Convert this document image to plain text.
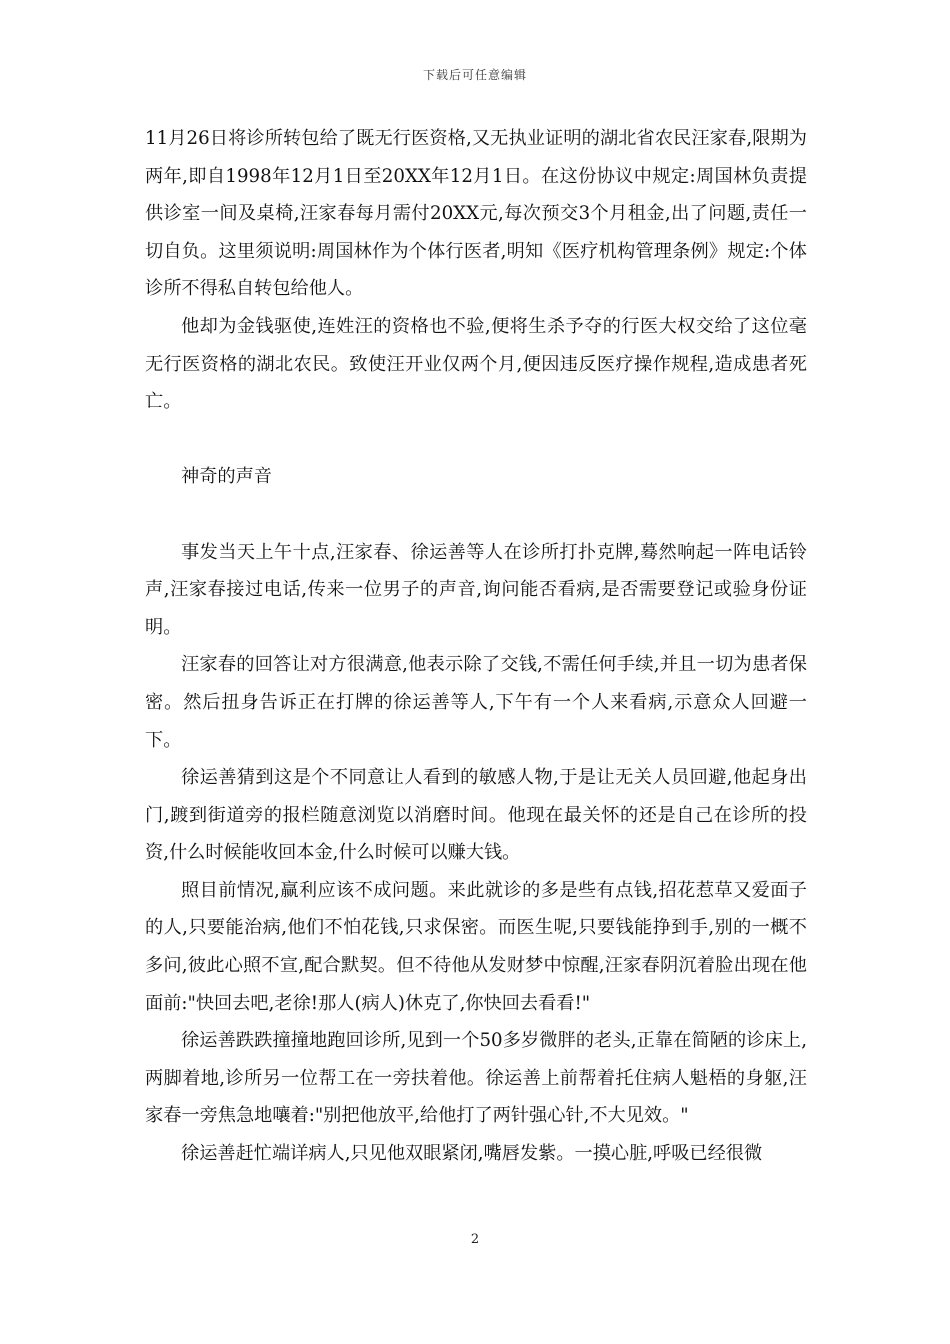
下载后可任意编辑

11月26日将诊所转包给了既无行医资格,又无执业证明的湖北省农民汪家春,限期为两年,即自1998年12月1日至20XX年12月1日。在这份协议中规定:周国林负责提供诊室一间及桌椅,汪家春每月需付20XX元,每次预交3个月租金,出了问题,责任一切自负。这里须说明:周国林作为个体行医者,明知《医疗机构管理条例》规定:个体诊所不得私自转包给他人。

他却为金钱驱使,连姓汪的资格也不验,便将生杀予夺的行医大权交给了这位毫无行医资格的湖北农民。致使汪开业仅两个月,便因违反医疗操作规程,造成患者死亡。

神奇的声音

事发当天上午十点,汪家春、徐运善等人在诊所打扑克牌,蓦然响起一阵电话铃声,汪家春接过电话,传来一位男子的声音,询问能否看病,是否需要登记或验身份证明。

汪家春的回答让对方很满意,他表示除了交钱,不需任何手续,并且一切为患者保密。然后扭身告诉正在打牌的徐运善等人,下午有一个人来看病,示意众人回避一下。

徐运善猜到这是个不同意让人看到的敏感人物,于是让无关人员回避,他起身出门,踱到街道旁的报栏随意浏览以消磨时间。他现在最关怀的还是自己在诊所的投资,什么时候能收回本金,什么时候可以赚大钱。

照目前情况,赢利应该不成问题。来此就诊的多是些有点钱,招花惹草又爱面子的人,只要能治病,他们不怕花钱,只求保密。而医生呢,只要钱能挣到手,别的一概不多问,彼此心照不宣,配合默契。但不待他从发财梦中惊醒,汪家春阴沉着脸出现在他面前:"快回去吧,老徐!那人(病人)休克了,你快回去看看!"

徐运善跌跌撞撞地跑回诊所,见到一个50多岁微胖的老头,正靠在简陋的诊床上,两脚着地,诊所另一位帮工在一旁扶着他。徐运善上前帮着托住病人魁梧的身躯,汪家春一旁焦急地嚷着:"别把他放平,给他打了两针强心针,不大见效。"

徐运善赶忙端详病人,只见他双眼紧闭,嘴唇发紫。一摸心脏,呼吸已经很微

2
